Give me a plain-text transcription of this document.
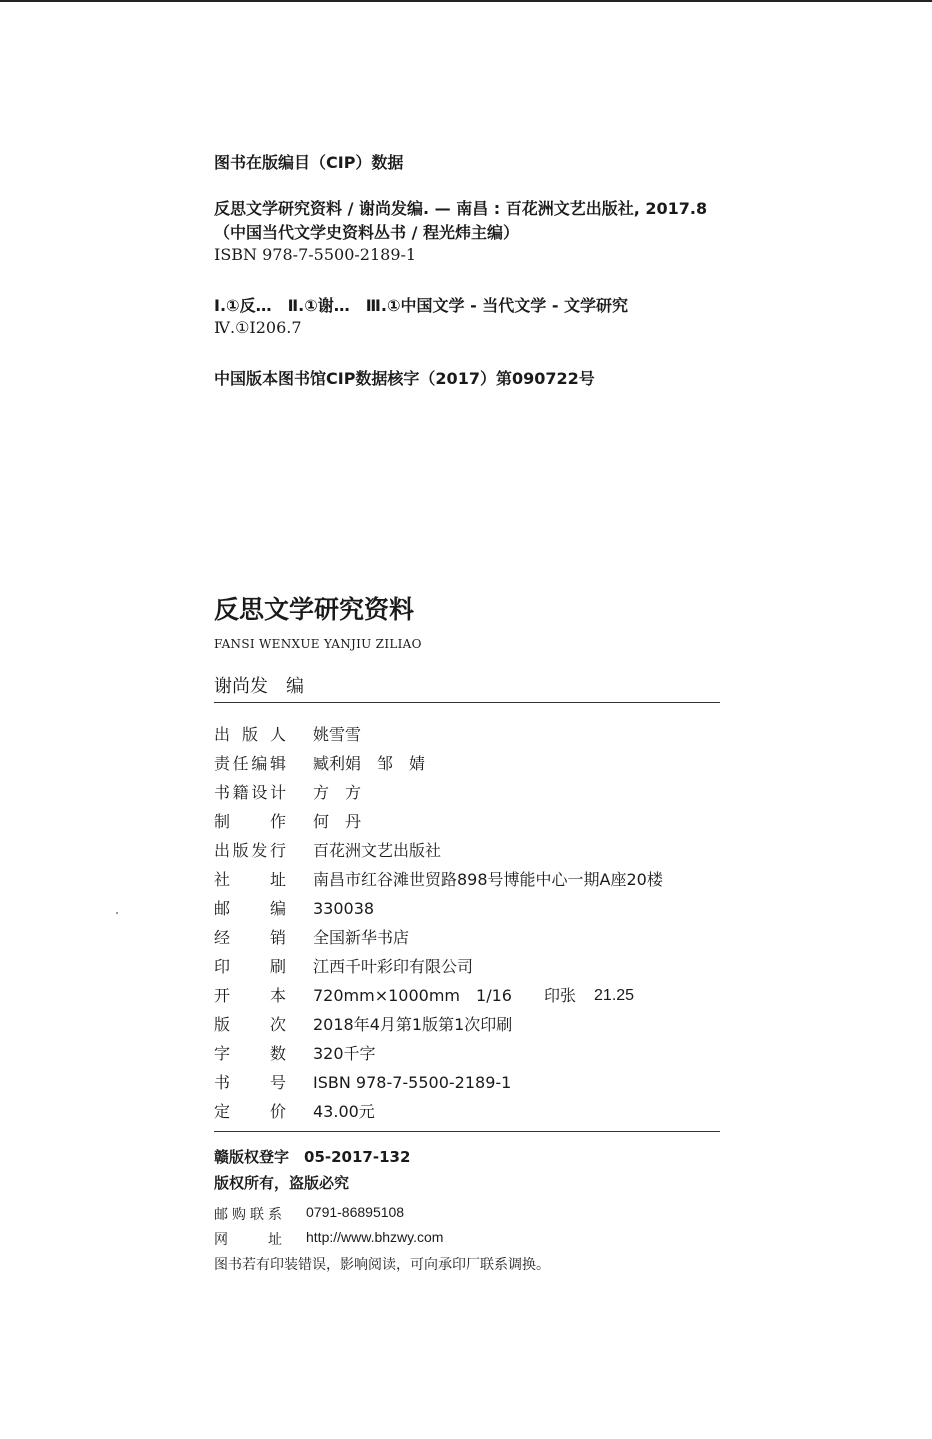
图书在版编目（CIP）数据
反思文学研究资料 / 谢尚发编. — 南昌 : 百花洲文艺出版社, 2017.8
（中国当代文学史资料丛书 / 程光炜主编）
ISBN 978-7-5500-2189-1
Ⅰ.①反…　Ⅱ.①谢…　Ⅲ.①中国文学 - 当代文学 - 文学研究
Ⅳ.①I206.7
中国版本图书馆CIP数据核字（2017）第090722号
反思文学研究资料
FANSI WENXUE YANJIU ZILIAO
谢尚发　编
出 版 人 姚雪雪
责 任 编 辑 臧利娟　邹　婧
书 籍 设 计 方　方
制 作 何　丹
出 版 发 行 百花洲文艺出版社
社 址 南昌市红谷滩世贸路898号博能中心一期A座20楼
邮 编 330038
经 销 全国新华书店
印 刷 江西千叶彩印有限公司
开 本 720mm×1000mm　1/16	印张 21.25
版 次 2018年4月第1版第1次印刷
字 数 320千字
书 号 ISBN 978-7-5500-2189-1
定 价 43.00元
赣版权登字　05-2017-132
版权所有，盗版必究
邮 购 联 系 0791-86895108
网	址 http://www.bhzwy.com
图书若有印装错误，影响阅读，可向承印厂联系调换。
